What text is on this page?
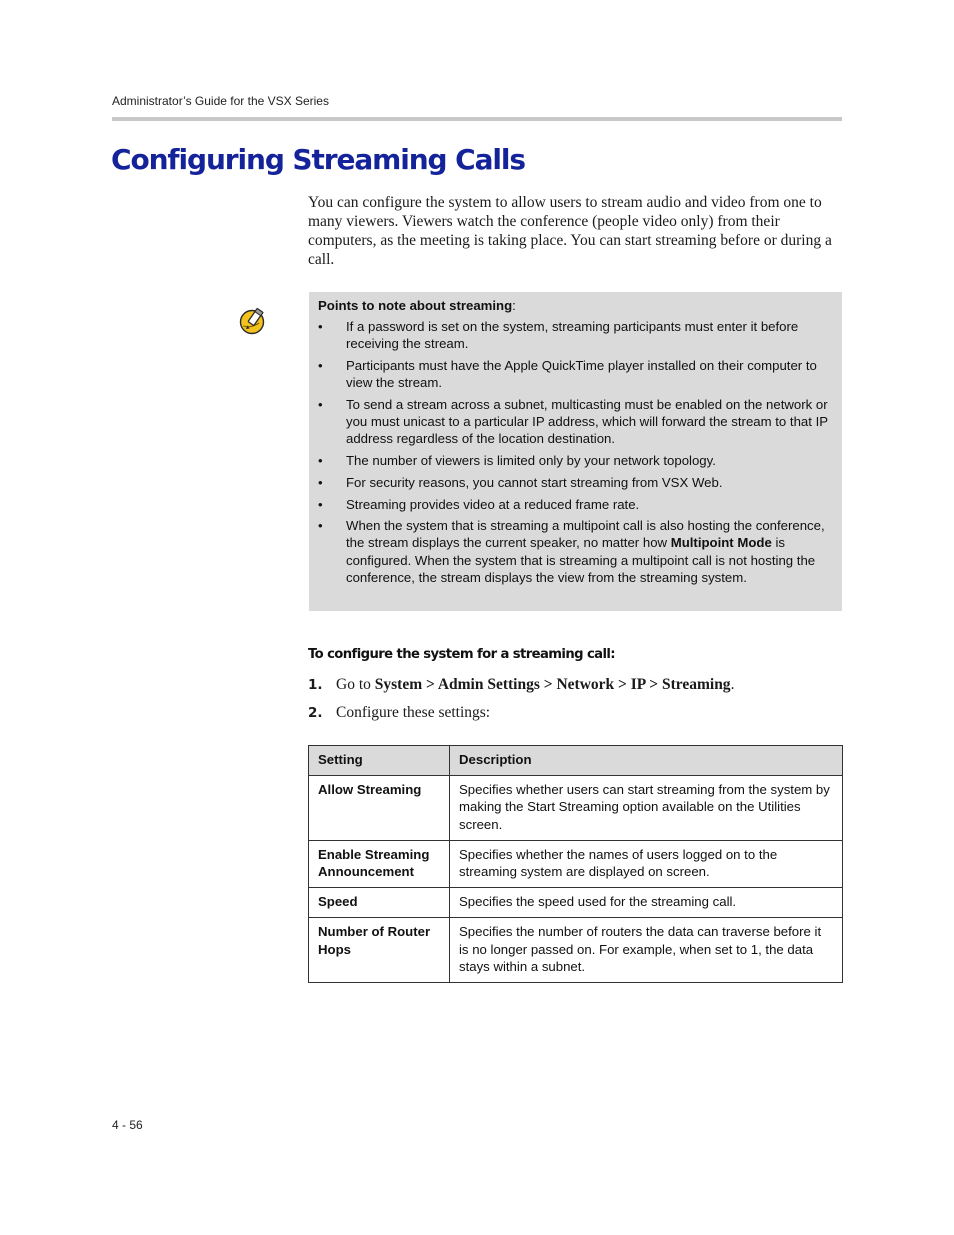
Administrator’s Guide for the VSX Series
Configuring Streaming Calls

You can configure the system to allow users to stream audio and video from one to many viewers. Viewers watch the conference (people video only) from their computers, as the meeting is taking place. You can start streaming before or during a call.

Points to note about streaming:

• If a password is set on the system, streaming participants must enter it before receiving the stream.
• Participants must have the Apple QuickTime player installed on their computer to view the stream.
• To send a stream across a subnet, multicasting must be enabled on the network or you must unicast to a particular IP address, which will forward the stream to that IP address regardless of the location destination.
• The number of viewers is limited only by your network topology.
• For security reasons, you cannot start streaming from VSX Web.
• Streaming provides video at a reduced frame rate.
• When the system that is streaming a multipoint call is also hosting the conference, the stream displays the current speaker, no matter how Multipoint Mode is configured. When the system that is streaming a multipoint call is not hosting the conference, the stream displays the view from the streaming system.
To configure the system for a streaming call:
1. Go to System > Admin Settings > Network > IP > Streaming.
2. Configure these settings:
Setting	Description
Allow Streaming	Specifies whether users can start streaming from the system by making the Start Streaming option available on the Utilities screen.
Enable Streaming Announcement	Specifies whether the names of users logged on to the streaming system are displayed on screen.
Speed	Specifies the speed used for the streaming call.
Number of Router Hops	Specifies the number of routers the data can traverse before it is no longer passed on. For example, when set to 1, the data stays within a subnet.
4 - 56
